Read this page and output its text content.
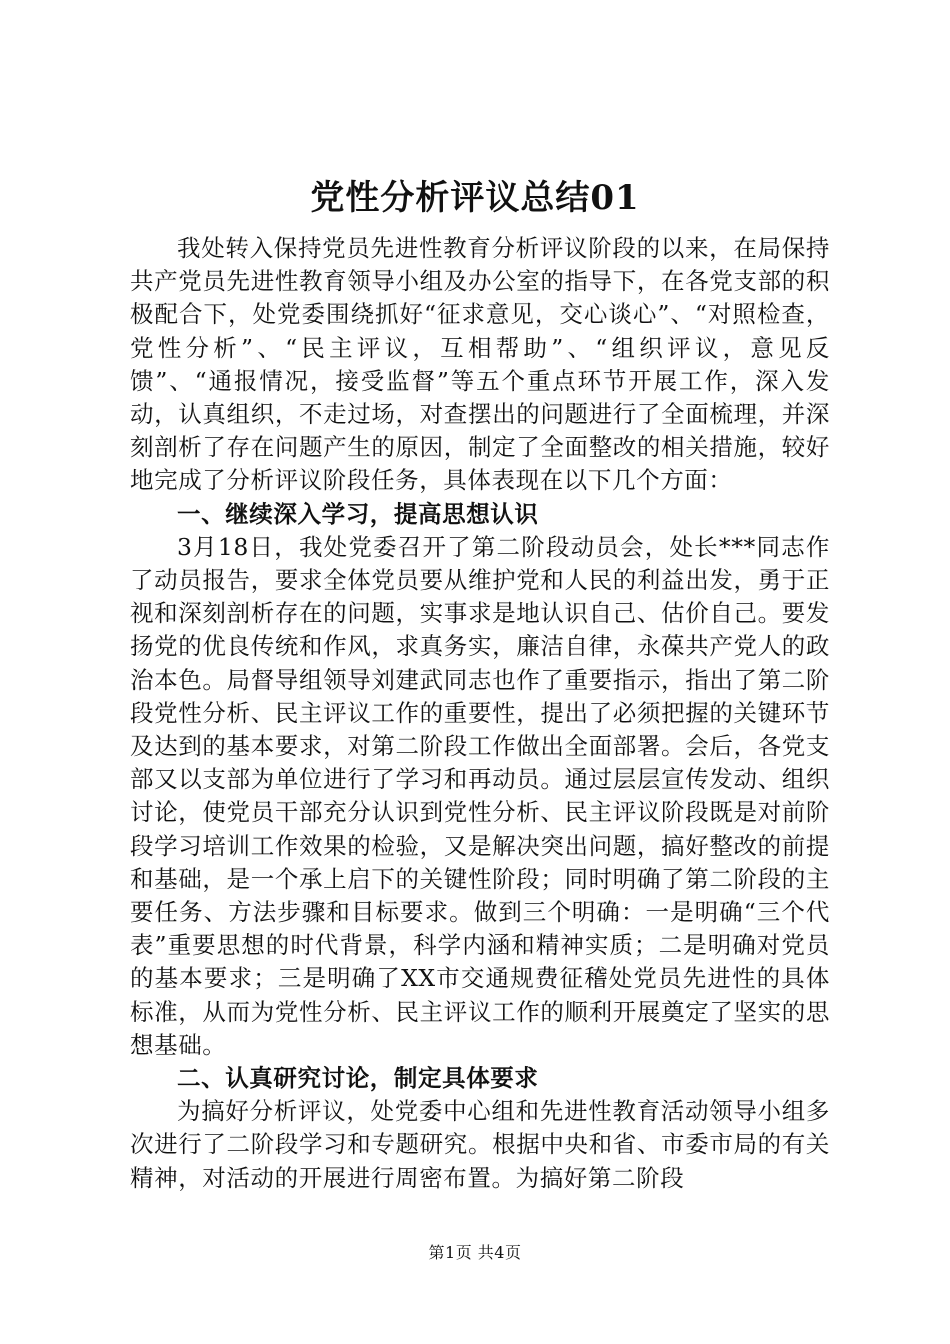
党性分析评议总结01

我处转入保持党员先进性教育分析评议阶段的以来，在局保持共产党员先进性教育领导小组及办公室的指导下，在各党支部的积极配合下，处党委围绕抓好“征求意见，交心谈心”、“对照检查，党性分析”、“民主评议，互相帮助”、“组织评议，意见反馈”、“通报情况，接受监督”等五个重点环节开展工作，深入发动，认真组织，不走过场，对查摆出的问题进行了全面梳理，并深刻剖析了存在问题产生的原因，制定了全面整改的相关措施，较好地完成了分析评议阶段任务，具体表现在以下几个方面：

一、继续深入学习，提高思想认识

3月18日，我处党委召开了第二阶段动员会，处长***同志作了动员报告，要求全体党员要从维护党和人民的利益出发，勇于正视和深刻剖析存在的问题，实事求是地认识自己、估价自己。要发扬党的优良传统和作风，求真务实，廉洁自律，永葆共产党人的政治本色。局督导组领导刘建武同志也作了重要指示，指出了第二阶段党性分析、民主评议工作的重要性，提出了必须把握的关键环节及达到的基本要求，对第二阶段工作做出全面部署。会后，各党支部又以支部为单位进行了学习和再动员。通过层层宣传发动、组织讨论，使党员干部充分认识到党性分析、民主评议阶段既是对前阶段学习培训工作效果的检验，又是解决突出问题，搞好整改的前提和基础，是一个承上启下的关键性阶段；同时明确了第二阶段的主要任务、方法步骤和目标要求。做到三个明确：一是明确“三个代表”重要思想的时代背景，科学内涵和精神实质；二是明确对党员的基本要求；三是明确了XX市交通规费征稽处党员先进性的具体标准，从而为党性分析、民主评议工作的顺利开展奠定了坚实的思想基础。

二、认真研究讨论，制定具体要求

为搞好分析评议，处党委中心组和先进性教育活动领导小组多次进行了二阶段学习和专题研究。根据中央和省、市委市局的有关精神，对活动的开展进行周密布置。为搞好第二阶段

第1页 共4页
